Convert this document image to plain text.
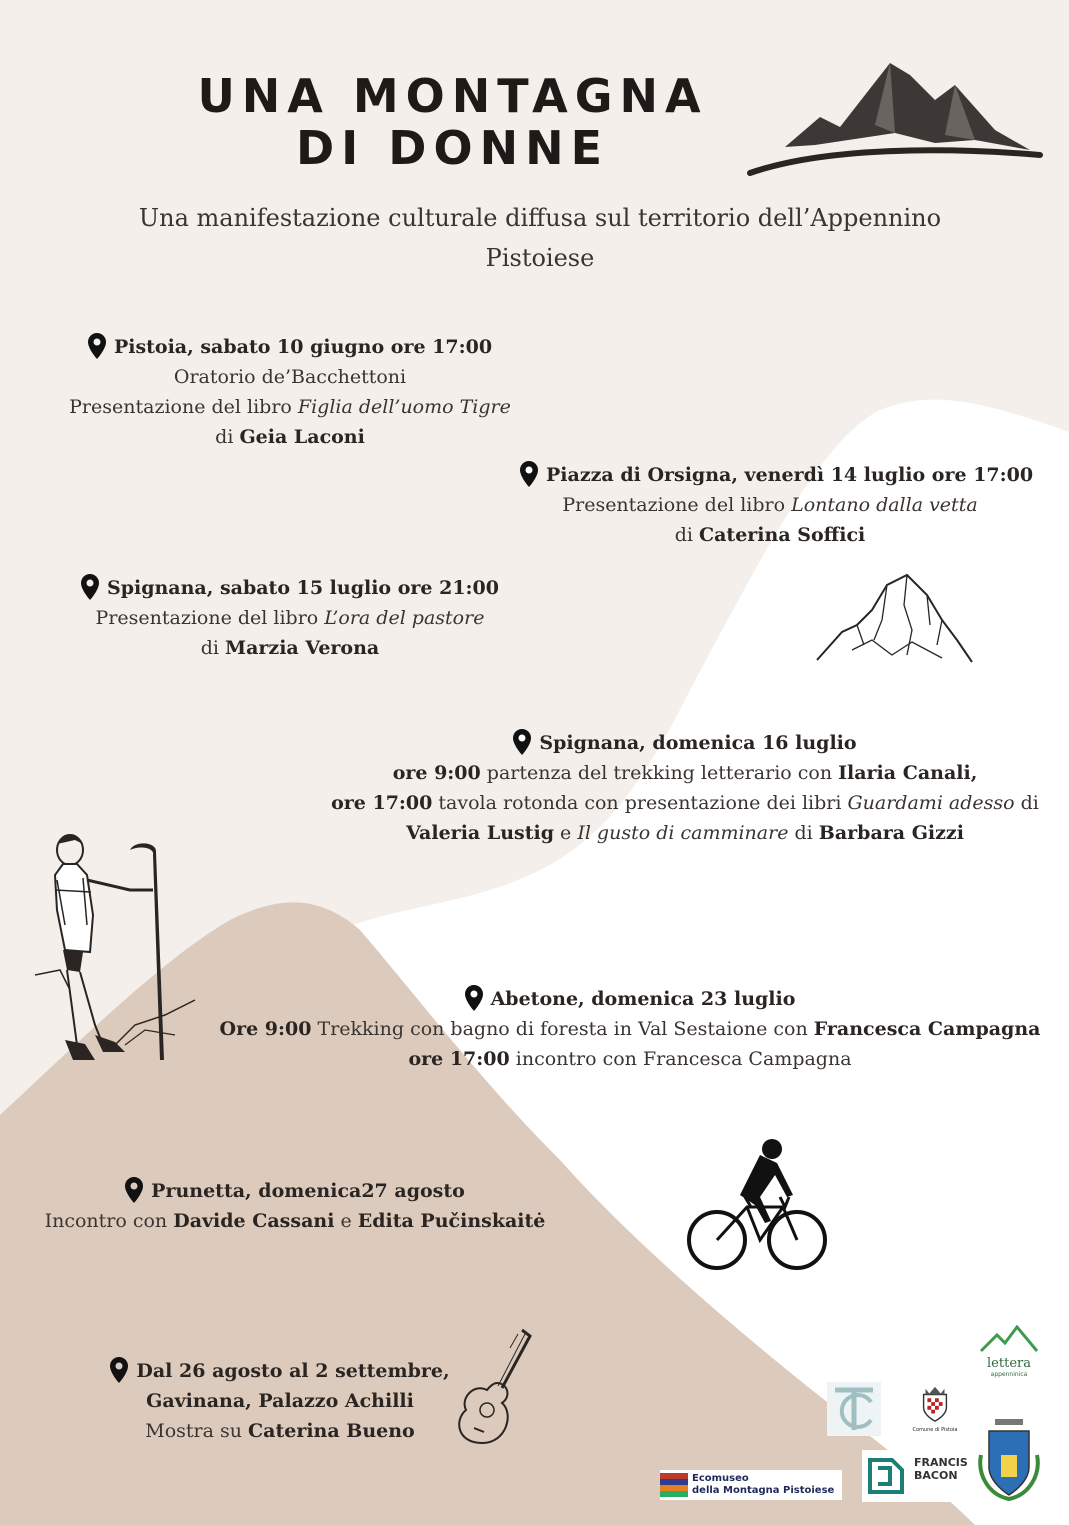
UNA MONTAGNA
DI DONNE
Una manifestazione culturale diffusa sul territorio dell’Appennino
Pistoiese
Pistoia, sabato 10 giugno ore 17:00
Oratorio de’Bacchettoni
Presentazione del libro Figlia dell’uomo Tigre
di Geia Laconi
Piazza di Orsigna, venerdì 14 luglio ore 17:00
Presentazione del libro Lontano dalla vetta
di Caterina Soffici
Spignana, sabato 15 luglio ore 21:00
Presentazione del libro L’ora del pastore
di Marzia Verona
Spignana, domenica 16 luglio
ore 9:00 partenza del trekking letterario con Ilaria Canali,
ore 17:00 tavola rotonda con presentazione dei libri Guardami adesso di
Valeria Lustig e Il gusto di camminare di Barbara Gizzi
Abetone, domenica 23 luglio
Ore 9:00 Trekking con bagno di foresta in Val Sestaione con Francesca Campagna
ore 17:00 incontro con Francesca Campagna
Prunetta, domenica27 agosto
Incontro con Davide Cassani e Edita Pučinskaitė
Dal 26 agosto al 2 settembre,
Gavinana, Palazzo Achilli
Mostra su Caterina Bueno
lettera
appenninica
Comune di Pistoia
FRANCIS
BACON
Ecomuseo
della Montagna Pistoiese
